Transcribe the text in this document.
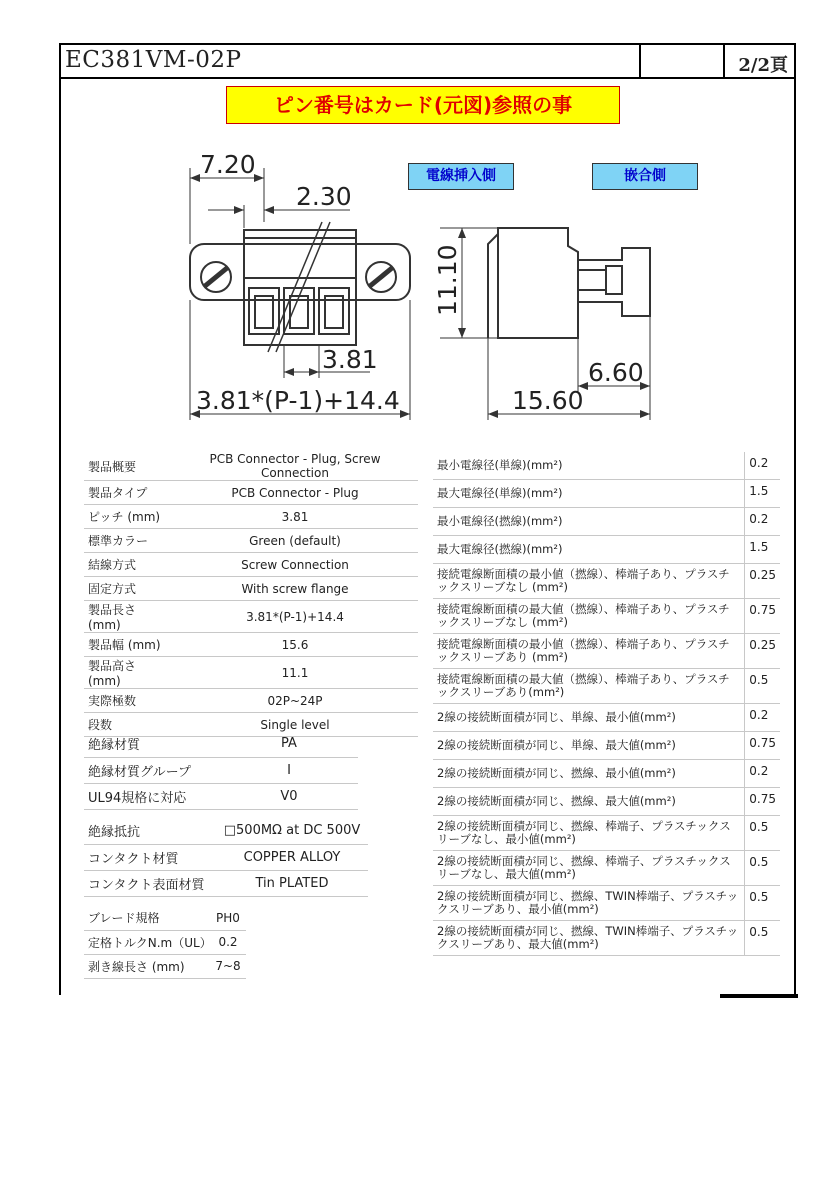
EC381VM-02P	2/2頁
ピン番号はカード(元図)参照の事
電線挿入側	嵌合側
7.20
2.30
3.81
3.81*(P-1)+14.4
11.10
6.60
15.60
製品概要	PCB Connector - Plug, Screw Connection
製品タイプ	PCB Connector - Plug
ピッチ (mm)	3.81
標準カラー	Green (default)
結線方式	Screw Connection
固定方式	With screw flange
製品長さ (mm)	3.81*(P-1)+14.4
製品幅 (mm)	15.6
製品高さ (mm)	11.1
実際極数	02P~24P
段数	Single level
絶縁材質	PA
絶縁材質グループ	I
UL94規格に対応	V0
絶縁抵抗	□500MΩ at DC 500V
コンタクト材質	COPPER ALLOY
コンタクト表面材質	Tin PLATED
ブレード規格	PH0
定格トルクN.m（UL）	0.2
剥き線長さ (mm)	7~8
最小電線径(単線)(mm²)	0.2
最大電線径(単線)(mm²)	1.5
最小電線径(撚線)(mm²)	0.2
最大電線径(撚線)(mm²)	1.5
接続電線断面積の最小値（撚線）、棒端子あり、プラスチックスリーブなし (mm²)	0.25
接続電線断面積の最大値（撚線）、棒端子あり、プラスチックスリーブなし (mm²)	0.75
接続電線断面積の最小値（撚線）、棒端子あり、プラスチックスリーブあり (mm²)	0.25
接続電線断面積の最大値（撚線）、棒端子あり、プラスチックスリーブあり(mm²)	0.5
2線の接続断面積が同じ、単線、最小値(mm²)	0.2
2線の接続断面積が同じ、単線、最大値(mm²)	0.75
2線の接続断面積が同じ、撚線、最小値(mm²)	0.2
2線の接続断面積が同じ、撚線、最大値(mm²)	0.75
2線の接続断面積が同じ、撚線、棒端子、プラスチックスリーブなし、最小値(mm²)	0.5
2線の接続断面積が同じ、撚線、棒端子、プラスチックスリーブなし、最大値(mm²)	0.5
2線の接続断面積が同じ、撚線、TWIN棒端子、プラスチックスリーブあり、最小値(mm²)	0.5
2線の接続断面積が同じ、撚線、TWIN棒端子、プラスチックスリーブあり、最大値(mm²)	0.5
